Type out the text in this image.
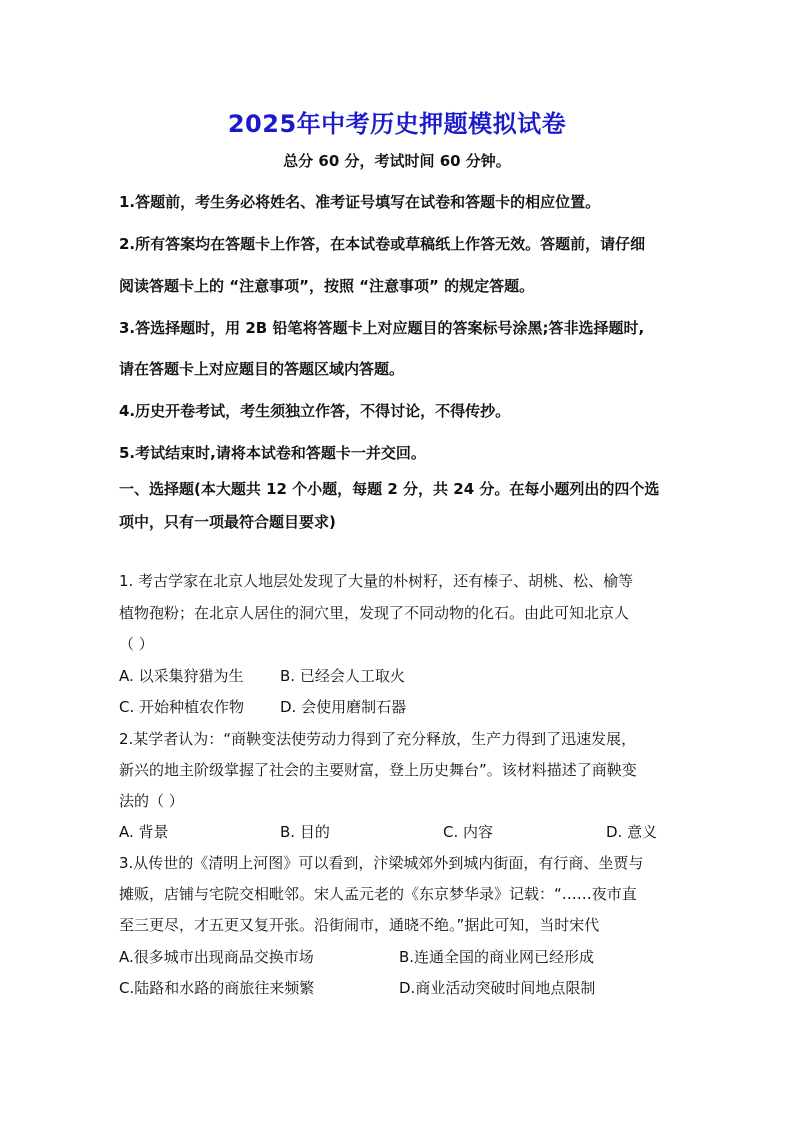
2025年中考历史押题模拟试卷
总分 60 分，考试时间 60 分钟。
1.答题前，考生务必将姓名、准考证号填写在试卷和答题卡的相应位置。
2.所有答案均在答题卡上作答，在本试卷或草稿纸上作答无效。答题前，请仔细
阅读答题卡上的 “注意事项”，按照 “注意事项” 的规定答题。
3.答选择题时，用 2B 铅笔将答题卡上对应题目的答案标号涂黑;答非选择题时,
请在答题卡上对应题目的答题区域内答题。
4.历史开卷考试，考生须独立作答，不得讨论，不得传抄。
5.考试结束时,请将本试卷和答题卡一并交回。
一、选择题(本大题共 12 个小题，每题 2 分，共 24 分。在每小题列出的四个选
项中，只有一项最符合题目要求)
1. 考古学家在北京人地层处发现了大量的朴树籽，还有榛子、胡桃、松、榆等
植物孢粉；在北京人居住的洞穴里，发现了不同动物的化石。由此可知北京人
（ ）
A. 以采集狩猎为生 B. 已经会人工取火
C. 开始种植农作物 D. 会使用磨制石器
2.某学者认为：“商鞅变法使劳动力得到了充分释放，生产力得到了迅速发展，
新兴的地主阶级掌握了社会的主要财富，登上历史舞台”。该材料描述了商鞅变
法的（ ）
A. 背景	B. 目的	C. 内容	D. 意义
3.从传世的《清明上河图》可以看到，汴梁城郊外到城内街面，有行商、坐贾与
摊贩，店铺与宅院交相毗邻。宋人孟元老的《东京梦华录》记载：“……夜市直
至三更尽，才五更又复开张。沿街闹市，通晓不绝。”据此可知，当时宋代
A.很多城市出现商品交换市场	B.连通全国的商业网已经形成
C.陆路和水路的商旅往来频繁	D.商业活动突破时间地点限制
